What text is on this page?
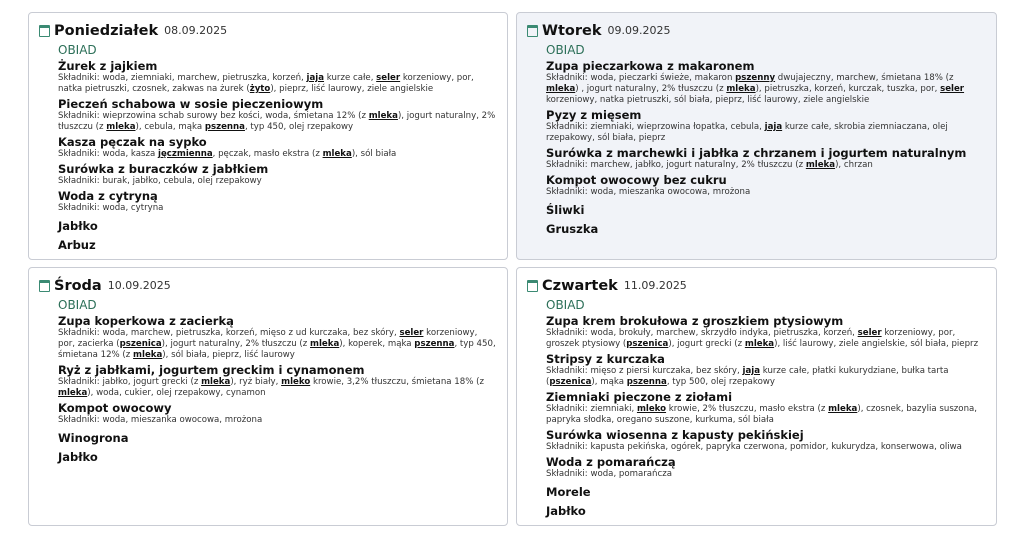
Poniedziałek 08.09.2025
OBIAD
Żurek z jajkiem
Składniki: woda, ziemniaki, marchew, pietruszka, korzeń, jaja kurze całe, seler korzeniowy, por, natka pietruszki, czosnek, zakwas na żurek (żyto), pieprz, liść laurowy, ziele angielskie
Pieczeń schabowa w sosie pieczeniowym
Składniki: wieprzowina schab surowy bez kości, woda, śmietana 12% (z mleka), jogurt naturalny, 2% tłuszczu (z mleka), cebula, mąka pszenna, typ 450, olej rzepakowy
Kasza pęczak na sypko
Składniki: woda, kasza jęczmienna, pęczak, masło ekstra (z mleka), sól biała
Surówka z buraczków z jabłkiem
Składniki: burak, jabłko, cebula, olej rzepakowy
Woda z cytryną
Składniki: woda, cytryna
Jabłko
Arbuz
Wtorek 09.09.2025
OBIAD
Zupa pieczarkowa z makaronem
Składniki: woda, pieczarki świeże, makaron pszenny dwujajeczny, marchew, śmietana 18% (z mleka) , jogurt naturalny, 2% tłuszczu (z mleka), pietruszka, korzeń, kurczak, tuszka, por, seler korzeniowy, natka pietruszki, sól biała, pieprz, liść laurowy, ziele angielskie
Pyzy z mięsem
Składniki: ziemniaki, wieprzowina łopatka, cebula, jaja kurze całe, skrobia ziemniaczana, olej rzepakowy, sól biała, pieprz
Surówka z marchewki i jabłka z chrzanem i jogurtem naturalnym
Składniki: marchew, jabłko, jogurt naturalny, 2% tłuszczu (z mleka), chrzan
Kompot owocowy bez cukru
Składniki: woda, mieszanka owocowa, mrożona
Śliwki
Gruszka
Środa 10.09.2025
OBIAD
Zupa koperkowa z zacierką
Składniki: woda, marchew, pietruszka, korzeń, mięso z ud kurczaka, bez skóry, seler korzeniowy, por, zacierka (pszenica), jogurt naturalny, 2% tłuszczu (z mleka), koperek, mąka pszenna, typ 450, śmietana 12% (z mleka), sól biała, pieprz, liść laurowy
Ryż z jabłkami, jogurtem greckim i cynamonem
Składniki: jabłko, jogurt grecki (z mleka), ryż biały, mleko krowie, 3,2% tłuszczu, śmietana 18% (z mleka), woda, cukier, olej rzepakowy, cynamon
Kompot owocowy
Składniki: woda, mieszanka owocowa, mrożona
Winogrona
Jabłko
Czwartek 11.09.2025
OBIAD
Zupa krem brokułowa z groszkiem ptysiowym
Składniki: woda, brokuły, marchew, skrzydło indyka, pietruszka, korzeń, seler korzeniowy, por, groszek ptysiowy (pszenica), jogurt grecki (z mleka), liść laurowy, ziele angielskie, sól biała, pieprz
Stripsy z kurczaka
Składniki: mięso z piersi kurczaka, bez skóry, jaja kurze całe, płatki kukurydziane, bułka tarta (pszenica), mąka pszenna, typ 500, olej rzepakowy
Ziemniaki pieczone z ziołami
Składniki: ziemniaki, mleko krowie, 2% tłuszczu, masło ekstra (z mleka), czosnek, bazylia suszona, papryka słodka, oregano suszone, kurkuma, sól biała
Surówka wiosenna z kapusty pekińskiej
Składniki: kapusta pekińska, ogórek, papryka czerwona, pomidor, kukurydza, konserwowa, oliwa
Woda z pomarańczą
Składniki: woda, pomarańcza
Morele
Jabłko
